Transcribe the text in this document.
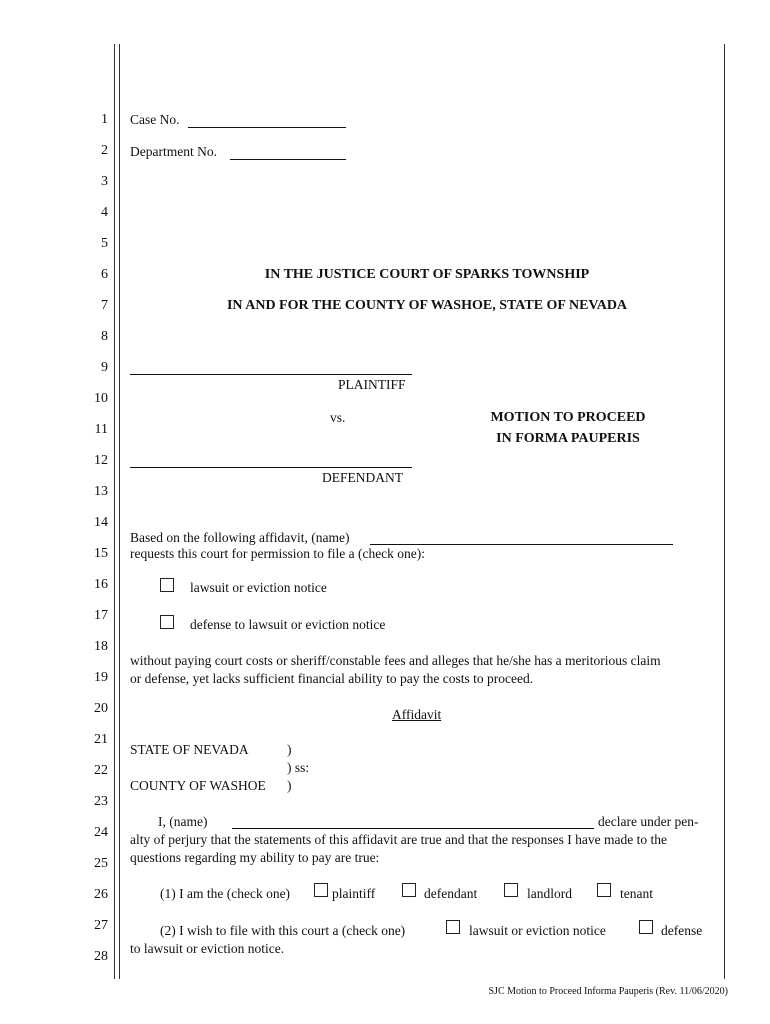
1
2
3
4
5
6
7
8
9
10
11
12
13
14
15
16
17
18
19
20
21
22
23
24
25
26
27
28
Case No.
Department No.
IN THE JUSTICE COURT OF SPARKS TOWNSHIP
IN AND FOR THE COUNTY OF WASHOE, STATE OF NEVADA
PLAINTIFF
vs.	MOTION TO PROCEED
IN FORMA PAUPERIS
DEFENDANT
Based on the following affidavit, (name)
requests this court for permission to file a (check one):
lawsuit or eviction notice
defense to lawsuit or eviction notice
without paying court costs or sheriff/constable fees and alleges that he/she has a meritorious claim
or defense, yet lacks sufficient financial ability to pay the costs to proceed.
Affidavit
STATE OF NEVADA	)
) ss:
COUNTY OF WASHOE )
I, (name)	declare under pen-
alty of perjury that the statements of this affidavit are true and that the responses I have made to the
questions regarding my ability to pay are true:
(1) I am the (check one)	plaintiff	defendant	landlord	tenant
(2) I wish to file with this court a (check one)	lawsuit or eviction notice	defense
to lawsuit or eviction notice.
SJC Motion to Proceed Informa Pauperis (Rev. 11/06/2020)
